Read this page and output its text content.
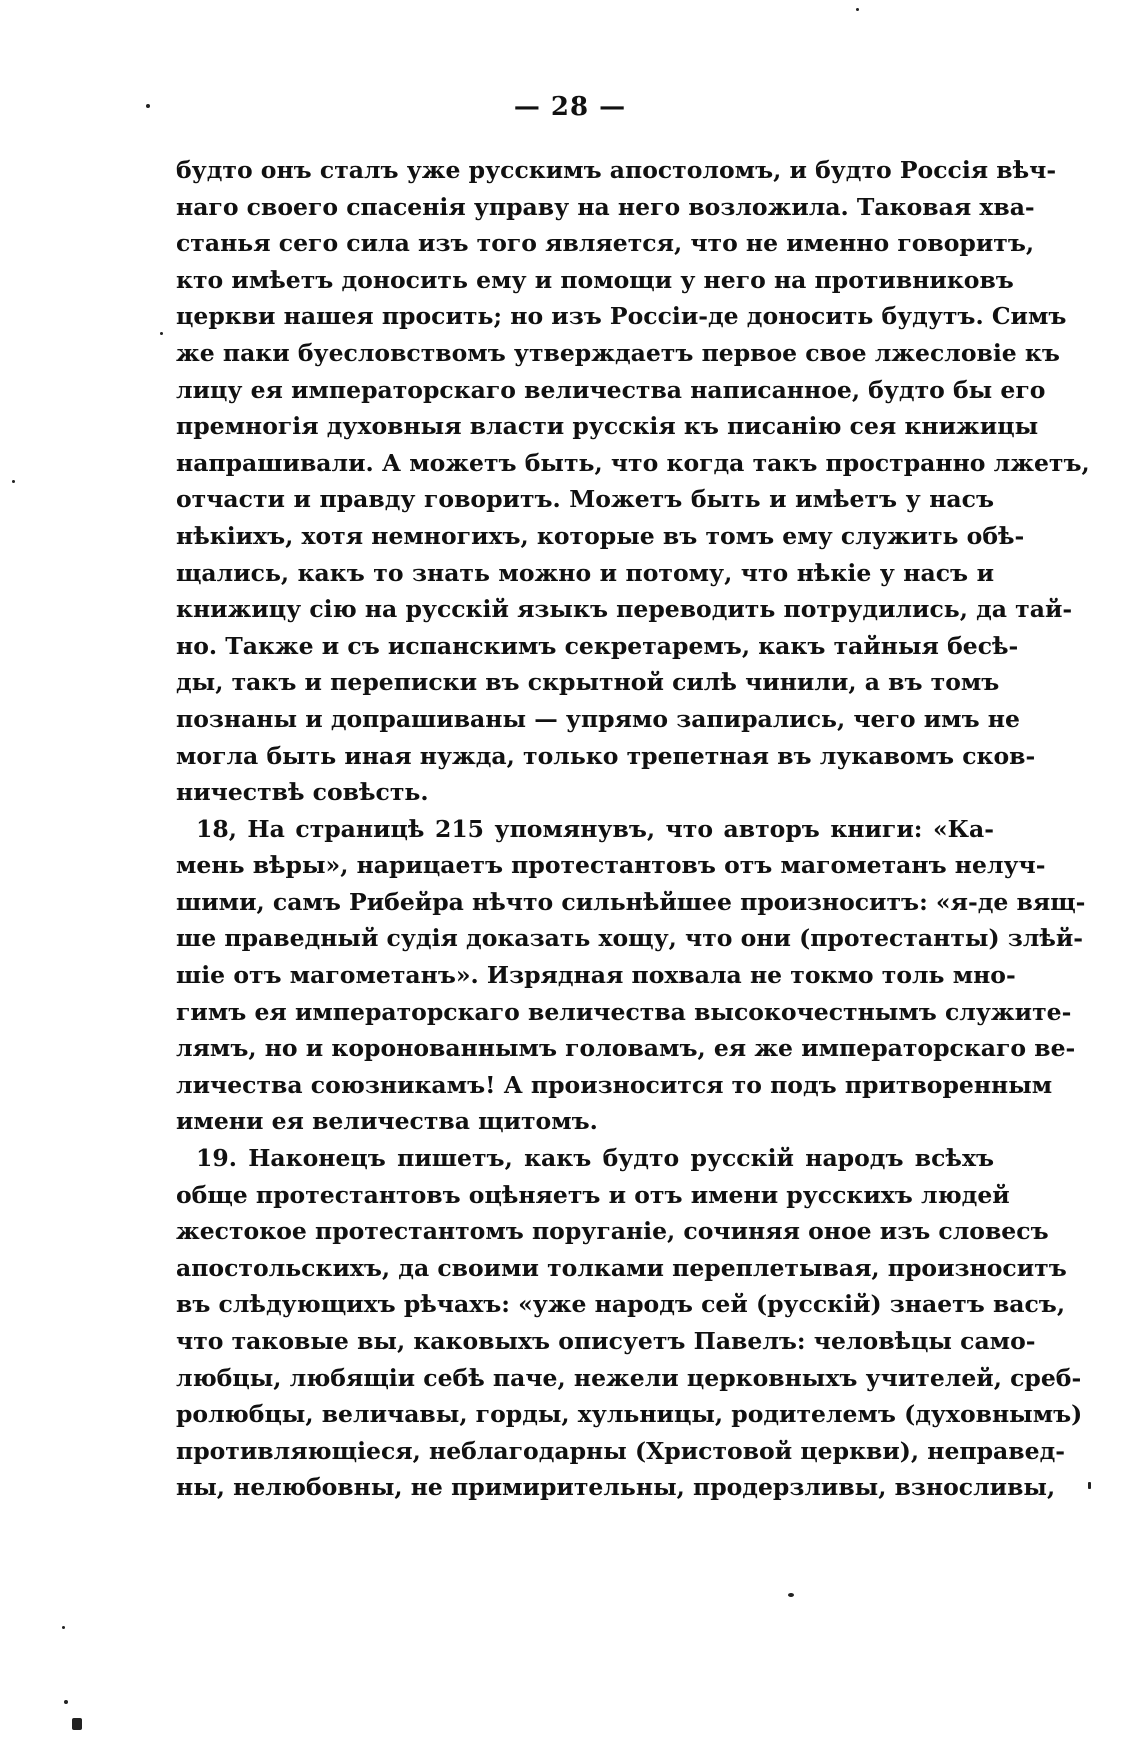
— 28 —
будто онъ сталъ уже русскимъ апостоломъ, и будто Россія вѣч-
наго своего спасенія управу на него возложила. Таковая хва-
станья сего сила изъ того является, что не именно говоритъ,
кто имѣетъ доносить ему и помощи у него на противниковъ
церкви нашея просить; но изъ Россіи-де доносить будутъ. Симъ
же паки буесловствомъ утверждаетъ первое свое лжесловіе къ
лицу ея императорскаго величества написанное, будто бы его
премногія духовныя власти русскія къ писанію сея книжицы
напрашивали. А можетъ быть, что когда такъ пространно лжетъ,
отчасти и правду говоритъ. Можетъ быть и имѣетъ у насъ
нѣкіихъ, хотя немногихъ, которые въ томъ ему служить обѣ-
щались, какъ то знать можно и потому, что нѣкіе у насъ и
книжицу сію на русскій языкъ переводить потрудились, да тай-
но. Также и съ испанскимъ секретаремъ, какъ тайныя бесѣ-
ды, такъ и переписки въ скрытной силѣ чинили, а въ томъ
познаны и допрашиваны — упрямо запирались, чего имъ не
могла быть иная нужда, только трепетная въ лукавомъ сков-
ничествѣ совѣсть.
18, На страницѣ 215 упомянувъ, что авторъ книги: «Ка-
мень вѣры», нарицаетъ протестантовъ отъ магометанъ нелуч-
шими, самъ Рибейра нѣчто сильнѣйшее произноситъ: «я-де вящ-
ше праведный судія доказать хощу, что они (протестанты) злѣй-
шіе отъ магометанъ». Изрядная похвала не токмо толь мно-
гимъ ея императорскаго величества высокочестнымъ служите-
лямъ, но и коронованнымъ головамъ, ея же императорскаго ве-
личества союзникамъ! А произносится то подъ притворенным
имени ея величества щитомъ.
19. Наконецъ пишетъ, какъ будто русскій народъ всѣхъ
обще протестантовъ оцѣняетъ и отъ имени русскихъ людей
жестокое протестантомъ поруганіе, сочиняя оное изъ словесъ
апостольскихъ, да своими толками переплетывая, произноситъ
въ слѣдующихъ рѣчахъ: «уже народъ сей (русскій) знаетъ васъ,
что таковые вы, каковыхъ описуетъ Павелъ: человѣцы само-
любцы, любящіи себѣ паче, нежели церковныхъ учителей, среб-
ролюбцы, величавы, горды, хульницы, родителемъ (духовнымъ)
противляющіеся, неблагодарны (Христовой церкви), неправед-
ны, нелюбовны, не примирительны, продерзливы, взносливы,
